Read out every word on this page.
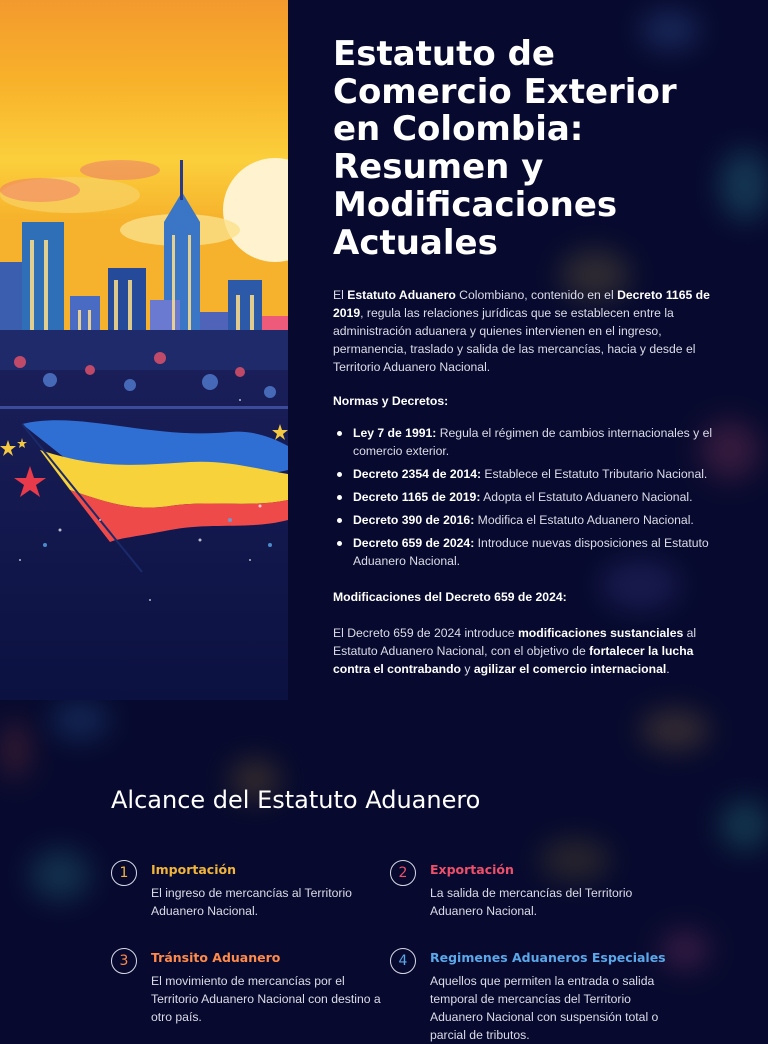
Estatuto de Comercio Exterior en Colombia: Resumen y Modificaciones Actuales

El Estatuto Aduanero Colombiano, contenido en el Decreto 1165 de 2019, regula las relaciones jurídicas que se establecen entre la administración aduanera y quienes intervienen en el ingreso, permanencia, traslado y salida de las mercancías, hacia y desde el Territorio Aduanero Nacional.

Normas y Decretos:

Ley 7 de 1991: Regula el régimen de cambios internacionales y el comercio exterior.
Decreto 2354 de 2014: Establece el Estatuto Tributario Nacional.
Decreto 1165 de 2019: Adopta el Estatuto Aduanero Nacional.
Decreto 390 de 2016: Modifica el Estatuto Aduanero Nacional.
Decreto 659 de 2024: Introduce nuevas disposiciones al Estatuto Aduanero Nacional.

Modificaciones del Decreto 659 de 2024:

El Decreto 659 de 2024 introduce modificaciones sustanciales al Estatuto Aduanero Nacional, con el objetivo de fortalecer la lucha contra el contrabando y agilizar el comercio internacional.

Alcance del Estatuto Aduanero
1	Importación

El ingreso de mercancías al Territorio Aduanero Nacional.

2	Exportación

La salida de mercancías del Territorio Aduanero Nacional.

3	Tránsito Aduanero

El movimiento de mercancías por el Territorio Aduanero Nacional con destino a otro país.

4	Regimenes Aduaneros Especiales

Aquellos que permiten la entrada o salida temporal de mercancías del Territorio Aduanero Nacional con suspensión total o parcial de tributos.
